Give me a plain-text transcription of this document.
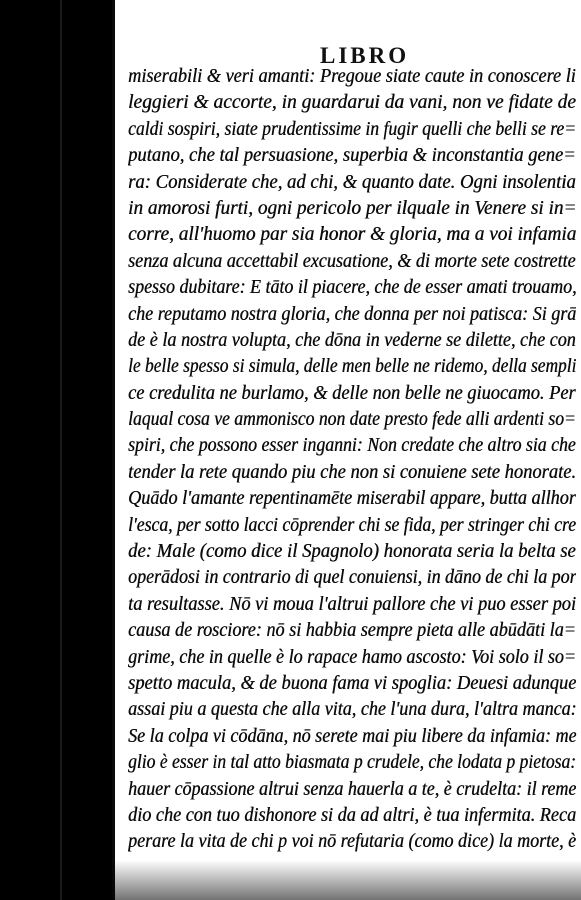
LIBRO
miserabili & veri amanti: Pregoue siate caute in conoscere li
leggieri & accorte, in guardarui da vani, non ve fidate de
caldi sospiri, siate prudentissime in fugir quelli che belli se re=
putano, che tal persuasione, superbia & inconstantia gene=
ra: Considerate che, ad chi, & quanto date. Ogni insolentia
in amorosi furti, ogni pericolo per ilquale in Venere si in=
corre, all'huomo par sia honor & gloria, ma a voi infamia
senza alcuna accettabil excusatione, & di morte sete costrette
spesso dubitare: E tāto il piacere, che de esser amati trouamo,
che reputamo nostra gloria, che donna per noi patisca: Si grā
de è la nostra volupta, che dōna in vederne se dilette, che con
le belle spesso si simula, delle men belle ne ridemo, della sempli
ce credulita ne burlamo, & delle non belle ne giuocamo. Per
laqual cosa ve ammonisco non date presto fede alli ardenti so=
spiri, che possono esser inganni: Non credate che altro sia che
tender la rete quando piu che non si conuiene sete honorate.
Quādo l'amante repentinamēte miserabil appare, butta allhor
l'esca, per sotto lacci cōprender chi se fida, per stringer chi cre
de: Male (como dice il Spagnolo) honorata seria la belta se
operādosi in contrario di quel conuiensi, in dāno de chi la por
ta resultasse. Nō vi moua l'altrui pallore che vi puo esser poi
causa de rosciore: nō si habbia sempre pieta alle abūdāti la=
grime, che in quelle è lo rapace hamo ascosto: Voi solo il so=
spetto macula, & de buona fama vi spoglia: Deuesi adunque
assai piu a questa che alla vita, che l'una dura, l'altra manca:
Se la colpa vi cōdāna, nō serete mai piu libere da infamia: me
glio è esser in tal atto biasmata p crudele, che lodata p pietosa:
hauer cōpassione altrui senza hauerla a te, è crudelta: il reme
dio che con tuo dishonore si da ad altri, è tua infermita. Reca
perare la vita de chi p voi nō refutaria (como dice) la morte, è
